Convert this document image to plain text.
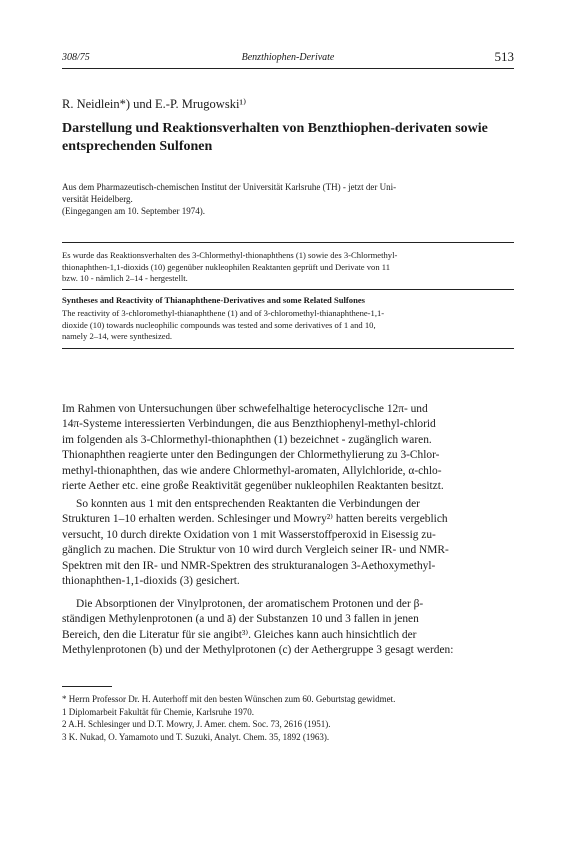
308/75	Benzthiophen-Derivate	513
R. Neidlein*) und E.-P. Mrugowski¹⁾
Darstellung und Reaktionsverhalten von Benzthiophen-derivaten sowie
entsprechenden Sulfonen
Aus dem Pharmazeutisch-chemischen Institut der Universität Karlsruhe (TH) - jetzt der Uni-
versität Heidelberg.
(Eingegangen am 10. September 1974).
Es wurde das Reaktionsverhalten des 3-Chlormethyl-thionaphthens (1) sowie des 3-Chlormethyl-
thionaphthen-1,1-dioxids (10) gegenüber nukleophilen Reaktanten geprüft und Derivate von 11
bzw. 10 - nämlich 2–14 - hergestellt.
Syntheses and Reactivity of Thianaphthene-Derivatives and some Related Sulfones
The reactivity of 3-chloromethyl-thianaphthene (1) and of 3-chloromethyl-thianaphthene-1,1-
dioxide (10) towards nucleophilic compounds was tested and some derivatives of 1 and 10,
namely 2–14, were synthesized.
Im Rahmen von Untersuchungen über schwefelhaltige heterocyclische 12π- und
14π-Systeme interessierten Verbindungen, die aus Benzthiophenyl-methyl-chlorid
im folgenden als 3-Chlormethyl-thionaphthen (1) bezeichnet - zugänglich waren.
Thionaphthen reagierte unter den Bedingungen der Chlormethylierung zu 3-Chlor-
methyl-thionaphthen, das wie andere Chlormethyl-aromaten, Allylchloride, α-chlo-
rierte Aether etc. eine große Reaktivität gegenüber nukleophilen Reaktanten besitzt.
So konnten aus 1 mit den entsprechenden Reaktanten die Verbindungen der
Strukturen 1–10 erhalten werden. Schlesinger und Mowry²⁾ hatten bereits vergeblich
versucht, 10 durch direkte Oxidation von 1 mit Wasserstoffperoxid in Eisessig zu-
gänglich zu machen. Die Struktur von 10 wird durch Vergleich seiner IR- und NMR-
Spektren mit den IR- und NMR-Spektren des strukturanalogen 3-Aethoxymethyl-
thionaphthen-1,1-dioxids (3) gesichert.
Die Absorptionen der Vinylprotonen, der aromatischem Protonen und der β-
ständigen Methylenprotonen (a und ā) der Substanzen 10 und 3 fallen in jenen
Bereich, den die Literatur für sie angibt³⁾. Gleiches kann auch hinsichtlich der
Methylenprotonen (b) und der Methylprotonen (c) der Aethergruppe 3 gesagt werden:
* Herrn Professor Dr. H. Auterhoff mit den besten Wünschen zum 60. Geburtstag gewidmet.
1 Diplomarbeit Fakultät für Chemie, Karlsruhe 1970.
2 A.H. Schlesinger und D.T. Mowry, J. Amer. chem. Soc. 73, 2616 (1951).
3 K. Nukad, O. Yamamoto und T. Suzuki, Analyt. Chem. 35, 1892 (1963).
